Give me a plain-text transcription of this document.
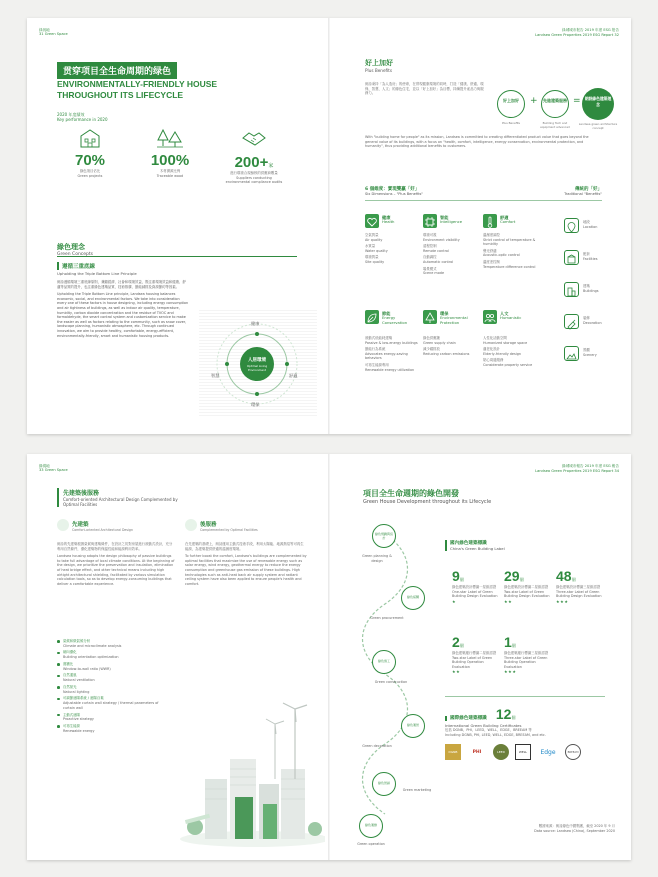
绿视地
31 Green Space
绿城城市报告 2019 年度 ESG 报告
Landsea Green Properties 2019 ESG Report 32
贯穿项目全生命周期的绿色
ENVIRONMENTALLY-FRIENDLY HOUSE
THROUGHOUT ITS LIFECYCLE
2020 年度績效
Key performance in 2020
70%
綠色項目佔比
Green projects
100%
木材溯源比例
Traceable wood
200+家
進行環境合規檢核的供應商數量
Suppliers conducting environmental compliance audits
綠色理念
Green Concepts
遵循三重底線
Upholding the Triple Bottom Line Principle
朗詩遵循環境三重底線原則，兼顧經濟、社會和環境效益，既注重環境效益和健康、舒適等品質的提升，也注重綠色建築品質、技術推廣、節能減排及資源節約等因素。
Upholding the Triple Bottom Line principle, Landsea housing balances economic, social, and environmental factors. We take into consideration every one of these factors in house designing, including energy consumption and air tightness of buildings, as well as indoor air quality, temperature, humidity, carbon dioxide concentration and the residue of TVOC and formaldehyde, the smart control system and customization service to make the easier as well as factors relating to the community, such as snow cover, landscape planning, humanistic atmosphere, etc. Through continued innovation, we aim to provide healthy, comfortable, energy-efficient, environmentally-friendly, smart and humanistic housing products.
人居環境
Optimal Living Environment
健康
智慧	舒適
環保
好上加好
Plus Benefits
朗詩秉持「為人造房」的使命，在實現健康環境的同時，打造「健康、舒適、環保、智慧、人文」的綠色住宅，並以「好上加好」為目標，持續提升產品力與服務力。
With "building home for people" as its mission, Landsea is committed to creating differentiated product value that goes beyond the general value of its buildings, with a focus on "health, comfort, intelligence, energy conservation, environmental protection, and humanity", thus providing additional benefits to customers.
好上加好
Plus Benefits
+ 先進建築服務
Building Tech and equipment advanced
= 朗詩綠色建築理念
Landsea green architecture concept
6 個維度：實現雙贏「好」
Six Dimensions – "Plus Benefits"
傳統的「好」
Traditional "Benefits"
健康
Health
空氣質量
Air quality
水質量
Water quality
環境質量
Site quality
智能
Intelligence
環境可視
Environment visibility
遠程控制
Remote control
自動調控
Automatic control
場景模式
Scene mode
舒適
Comfort
溫濕度調控
Strict control of temperature & humidity
聲光舒適
Acoustic-optic control
溫度差控制
Temperature difference control
節能
Energy Conservation
被動式低能耗建築
Passive & low-energy buildings
節能行為系統
Advocates energy-saving behaviors
可再生能源利用
Renewable energy utilization
環保
Environmental Protection
綠色供應鏈
Green supply chain
減少碳排放
Reducing carbon emissions
人文
Humanistic
人性化活動空間
Humanized storage space
適老化設計
Elderly-friendly design
貼心周邊服務
Considerate property service
地段
Location
配套
Facilities
建築
Buildings
裝修
Decoration
景觀
Scenery
綠視地
33 Green Space
綠城城市報告 2019 年度 ESG 報告
Landsea Green Properties 2019 ESG Report 34
先建築後服務
Comfort-oriented Architectural Design Complemented by Optimal Facilities
先建築
Comfort-oriented Architectural Design
後服務
Complemented by Optimal Facilities
朗詩的先建築根據氣候與建築條件，在設計之初對房屋進行被動式設計，充分利用自然條件，優化建築物的保溫性能和能源利用效率。
Landsea housing adopts the design philosophy of passive buildings to take full advantage of local climate conditions. At the beginning of the design, we prioritize the preservation and insulation, elimination of heat bridge effect, and other technical means including high airtight architectural shielding, facilitated by various simulation calculation tools, so as to develop energy-consuming buildings that deliver a comfortable experience.
在先建築的基礎上，朗詩運用主動式技術手段，利用太陽能、地源熱泵等可再生能源，為建築提供舒適的溫濕度環境。
To further boost the comfort, Landsea's buildings are complemented by optimal facilities that maximize the use of renewable energy such as solar energy, wind energy, geothermal energy to reduce the energy consumption and greenhouse gas emission of these buildings. High technologies such as anti-heat back air supply system and radiant ceiling system have also been applied to ensure people's health and comfort.
氣候和微氣候分析
Climate and microclimate analysis
朝向優化
Building orientation optimization
窗牆比
Window-to-wall ratio (WWR)
自然通風
Natural ventilation
自然採光
Natural lighting
可調節遮陽系統 / 遮陽百葉
Adjustable curtain wall strategy / thermal parameters of curtain wall
主動式遮陽
Proactive strategy
可再生能源
Renewable energy
項目全生命週期的綠色開發
Green House Development throughout its Lifecycle
綠色規劃與設計
Green planning & design
綠色採購
Green procurement
綠色施工
Green construction
綠色運營
Green decoration
綠色營銷
Green marketing
綠色運維
Green operation
國內綠色建築標識
China's Green Building Label
9個
綠色建築設計標識一星級認證
One-star Label of Green Building Design Evaluation
★
29個
綠色建築設計標識二星級認證
Two-star Label of Green Building Design Evaluation
★★
48個
綠色建築設計標識三星級認證
Three-star Label of Green Building Design Evaluation
★★★
2個
綠色建築運行標識二星級認證
Two-star Label of Green Building Operation Evaluation
★★
1個
綠色建築運行標識三星級認證
Three-star Label of Green Building Operation Evaluation
★★★
國際綠色建築標識 12個
International Green Building Certificates
包括 DGNB、PHI、LEED、WELL、EDGE、BREEAM 等
Including DGNB, PHI, LEED, WELL, EDGE, BREEAM, and etc.
DGNB	PHI	LEED	WELL	Edge	BREEAM
數據來源：朗詩綠色中國集團，截至 2020 年 9 月
Data source: Landsea (China), September 2020
